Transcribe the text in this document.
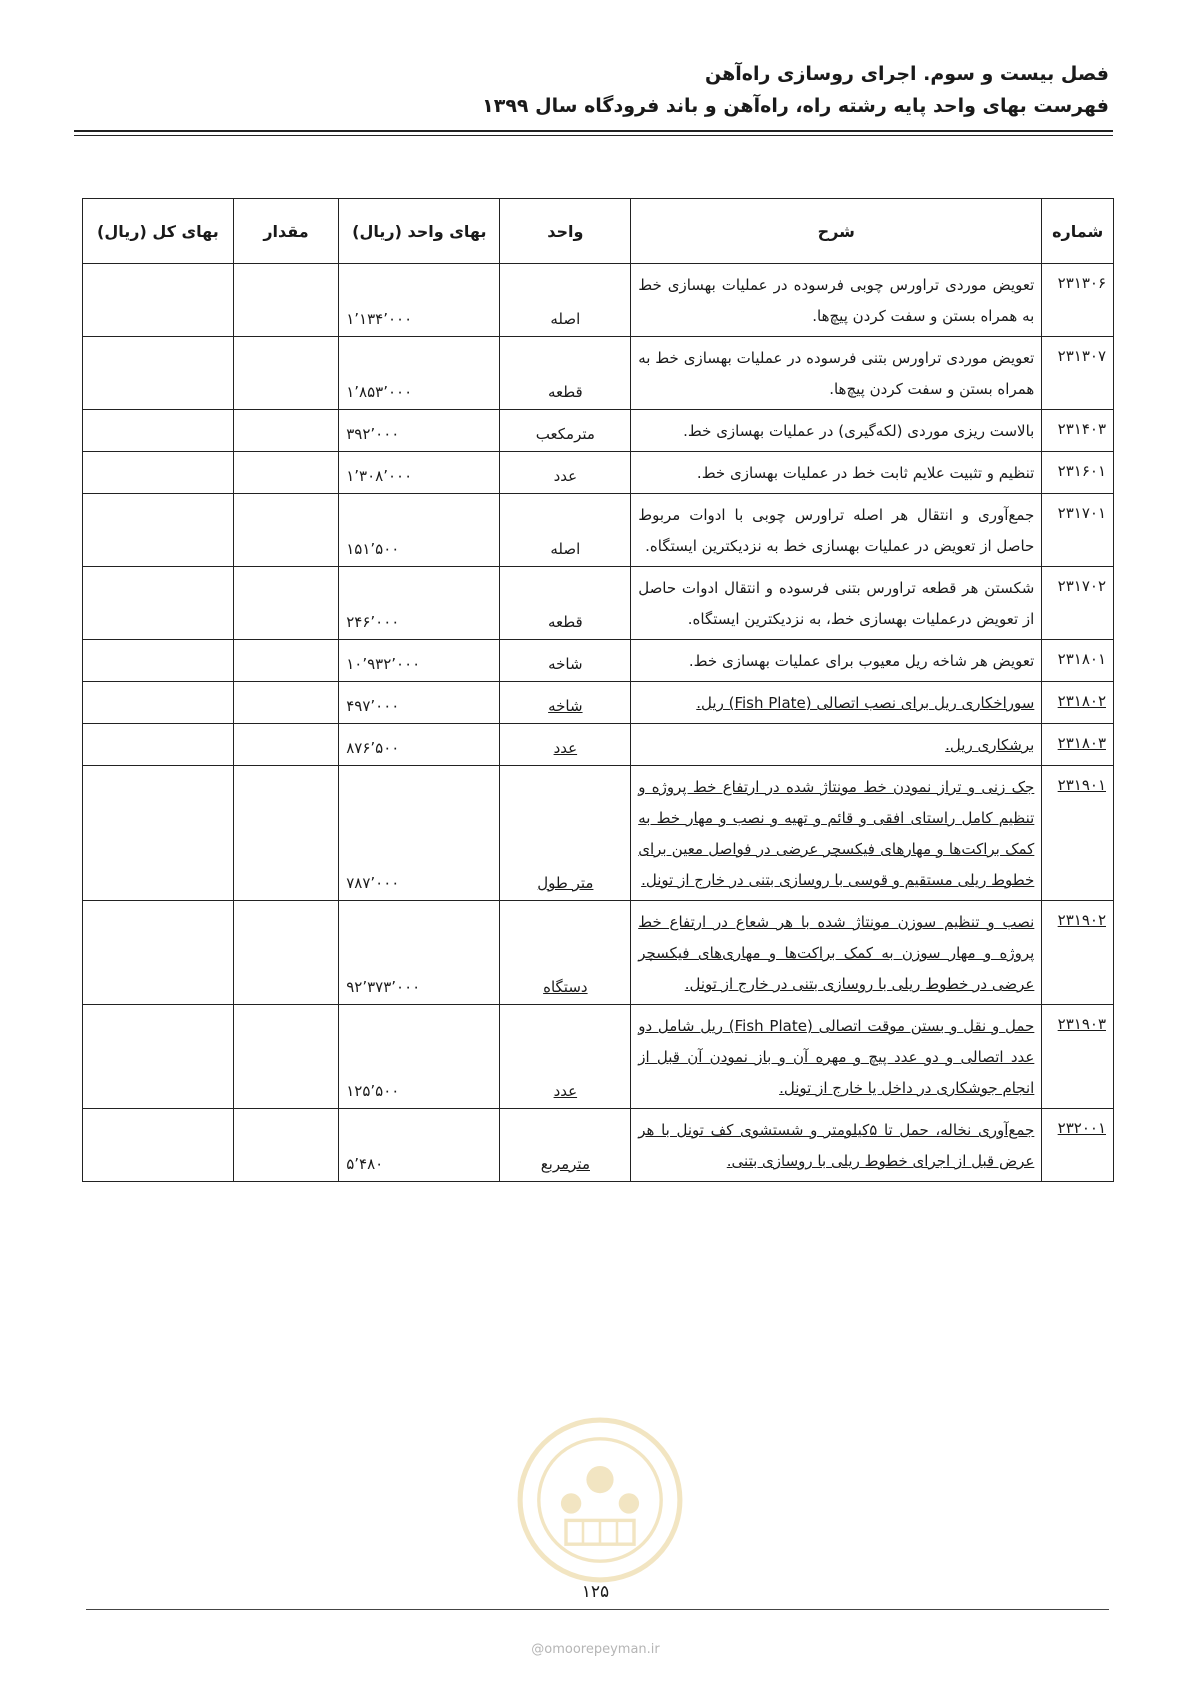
فصل بیست و سوم. اجرای روسازی راه‌آهن
فهرست بهای واحد پایه رشته راه، راه‌آهن و باند فرودگاه سال ۱۳۹۹
شماره	شرح	واحد	بهای واحد (ریال)	مقدار	بهای کل (ریال)
۲۳۱۳۰۶	تعویض موردی تراورس چوبی فرسوده در عملیات بهسازی خط به همراه بستن و سفت کردن پیچ‌ها.	اصله	۱٬۱۳۴٬۰۰۰		
۲۳۱۳۰۷	تعویض موردی تراورس بتنی فرسوده در عملیات بهسازی خط به همراه بستن و سفت کردن پیچ‌ها.	قطعه	۱٬۸۵۳٬۰۰۰		
۲۳۱۴۰۳	بالاست ریزی موردی (لکه‌گیری) در عملیات بهسازی خط.	مترمکعب	۳۹۲٬۰۰۰		
۲۳۱۶۰۱	تنظیم و تثبیت علایم ثابت خط در عملیات بهسازی خط.	عدد	۱٬۳۰۸٬۰۰۰		
۲۳۱۷۰۱	جمع‌آوری و انتقال هر اصله تراورس چوبی با ادوات مربوط حاصل از تعویض در عملیات بهسازی خط به نزدیکترین ایستگاه.	اصله	۱۵۱٬۵۰۰		
۲۳۱۷۰۲	شکستن هر قطعه تراورس بتنی فرسوده و انتقال ادوات حاصل از تعویض درعملیات بهسازی خط، به نزدیکترین ایستگاه.	قطعه	۲۴۶٬۰۰۰		
۲۳۱۸۰۱	تعویض هر شاخه ریل معیوب برای عملیات بهسازی خط.	شاخه	۱۰٬۹۳۲٬۰۰۰		
۲۳۱۸۰۲	سوراخکاری ریل برای نصب اتصالی (Fish Plate) ریل.	شاخه	۴۹۷٬۰۰۰		
۲۳۱۸۰۳	برشکاری ریل.	عدد	۸۷۶٬۵۰۰		
۲۳۱۹۰۱	جک زنی و تراز نمودن خط مونتاژ شده در ارتفاع خط پروژه و تنظیم کامل راستای افقی و قائم و تهیه و نصب و مهار خط به کمک براکت‌ها و مهارهای فیکسچر عرضی در فواصل معین برای خطوط ریلی مستقیم و قوسی با روسازی بتنی در خارج از تونل.	متر طول	۷۸۷٬۰۰۰		
۲۳۱۹۰۲	نصب و تنظیم سوزن مونتاژ شده با هر شعاع در ارتفاع خط پروژه و مهار سوزن به کمک براکت‌ها و مهاری‌های فیکسچر عرضی در خطوط ریلی با روسازی بتنی در خارج از تونل.	دستگاه	۹۲٬۳۷۳٬۰۰۰		
۲۳۱۹۰۳	حمل و نقل و بستن موقت اتصالی (Fish Plate) ریل شامل دو عدد اتصالی و دو عدد پیچ و مهره آن و باز نمودن آن قبل از انجام جوشکاری در داخل یا خارج از تونل.	عدد	۱۲۵٬۵۰۰		
۲۳۲۰۰۱	جمع‌آوری نخاله، حمل تا ۵کیلومتر و شستشوی کف تونل با هر عرض قبل از اجرای خطوط ریلی با روسازی بتنی.	مترمربع	۵٬۴۸۰		
۱۲۵
@omoorepeyman.ir
